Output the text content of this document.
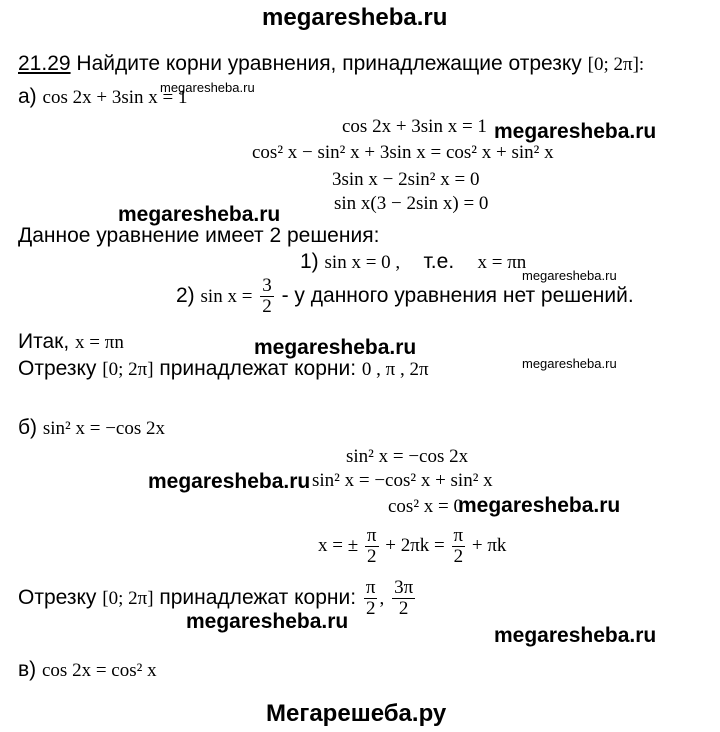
megaresheba.ru
21.29 Найдите корни уравнения, принадлежащие отрезку [0; 2π]:
а) cos 2x + 3sin x = 1
megaresheba.ru
cos 2x + 3sin x = 1 megaresheba.ru
cos² x − sin² x + 3sin x = cos² x + sin² x
3sin x − 2sin² x = 0
sin x(3 − 2sin x) = 0
megaresheba.ru
Данное уравнение имеет 2 решения:
1) sin x = 0 , т.е. x = πn
megaresheba.ru
2) $\sin x = \frac{3}{2} - у$ данного уравнения нет решений.
Итак, x = πn	megaresheba.ru
megaresheba.ru
Отрезку [0; 2π] принадлежат корни: 0 , π , 2π
б) sin² x = −cos 2x
sin² x = −cos 2x
megaresheba.ru sin² x = −cos² x + sin² x
cos² x = 0
megaresheba.ru
x = ± $\frac{\pi}{2} + 2\pi k = \frac{\pi}{2} + \pi k$
Отрезку [0; 2π] принадлежат корни: $\frac{\pi}{2}$ , $\frac{3\pi}{2}$
megaresheba.ru
megaresheba.ru
в) cos 2x = cos² x
Мегарешеба.ру
